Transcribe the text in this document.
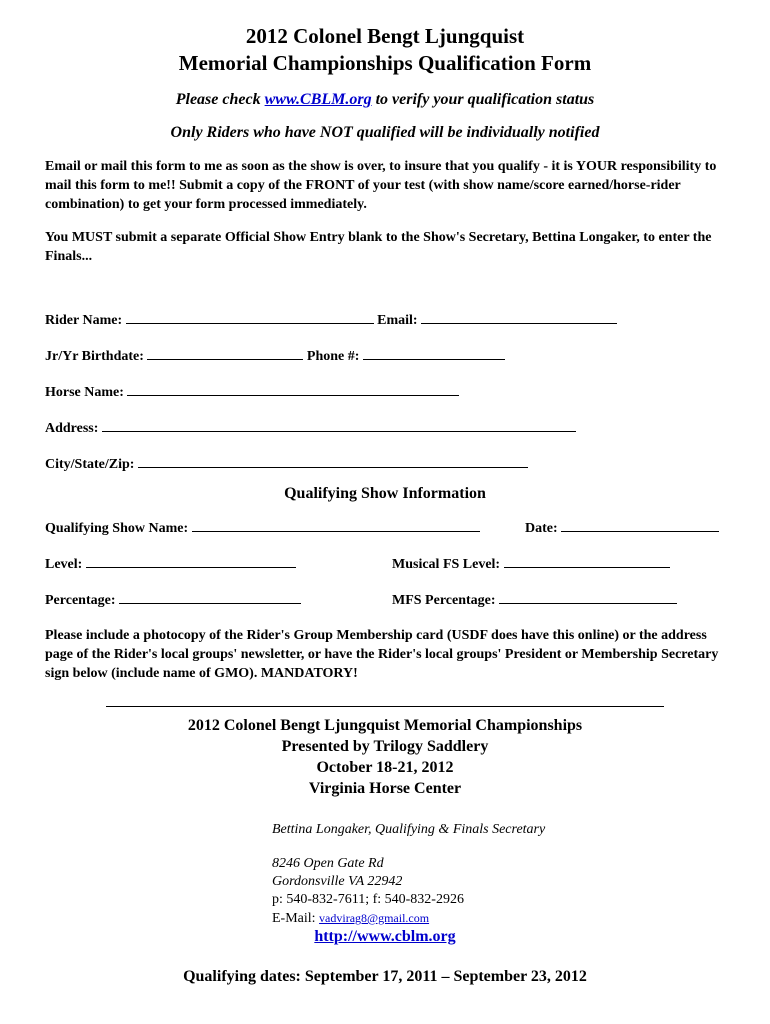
2012 Colonel Bengt Ljungquist
Memorial Championships Qualification Form
Please check www.CBLM.org to verify your qualification status
Only Riders who have NOT qualified will be individually notified
Email or mail this form to me as soon as the show is over, to insure that you qualify - it is YOUR responsibility to mail this form to me!! Submit a copy of the FRONT of your test (with show name/score earned/horse-rider combination) to get your form processed immediately.
You MUST submit a separate Official Show Entry blank to the Show's Secretary, Bettina Longaker, to enter the Finals...
Rider Name:	Email:
Jr/Yr Birthdate:	Phone #:
Horse Name:
Address:
City/State/Zip:
Qualifying Show Information
Qualifying Show Name:	Date:
Level:	Musical FS Level:
Percentage:	MFS Percentage:
Please include a photocopy of the Rider's Group Membership card (USDF does have this online) or the address page of the Rider's local groups' newsletter, or have the Rider's local groups' President or Membership Secretary sign below (include name of GMO). MANDATORY!
2012 Colonel Bengt Ljungquist Memorial Championships
Presented by Trilogy Saddlery
October 18-21, 2012
Virginia Horse Center
Bettina Longaker, Qualifying & Finals Secretary
8246 Open Gate Rd
Gordonsville VA 22942
p: 540-832-7611; f: 540-832-2926
E-Mail: vadvirag8@gmail.com
http://www.cblm.org
Qualifying dates: September 17, 2011 – September 23, 2012
